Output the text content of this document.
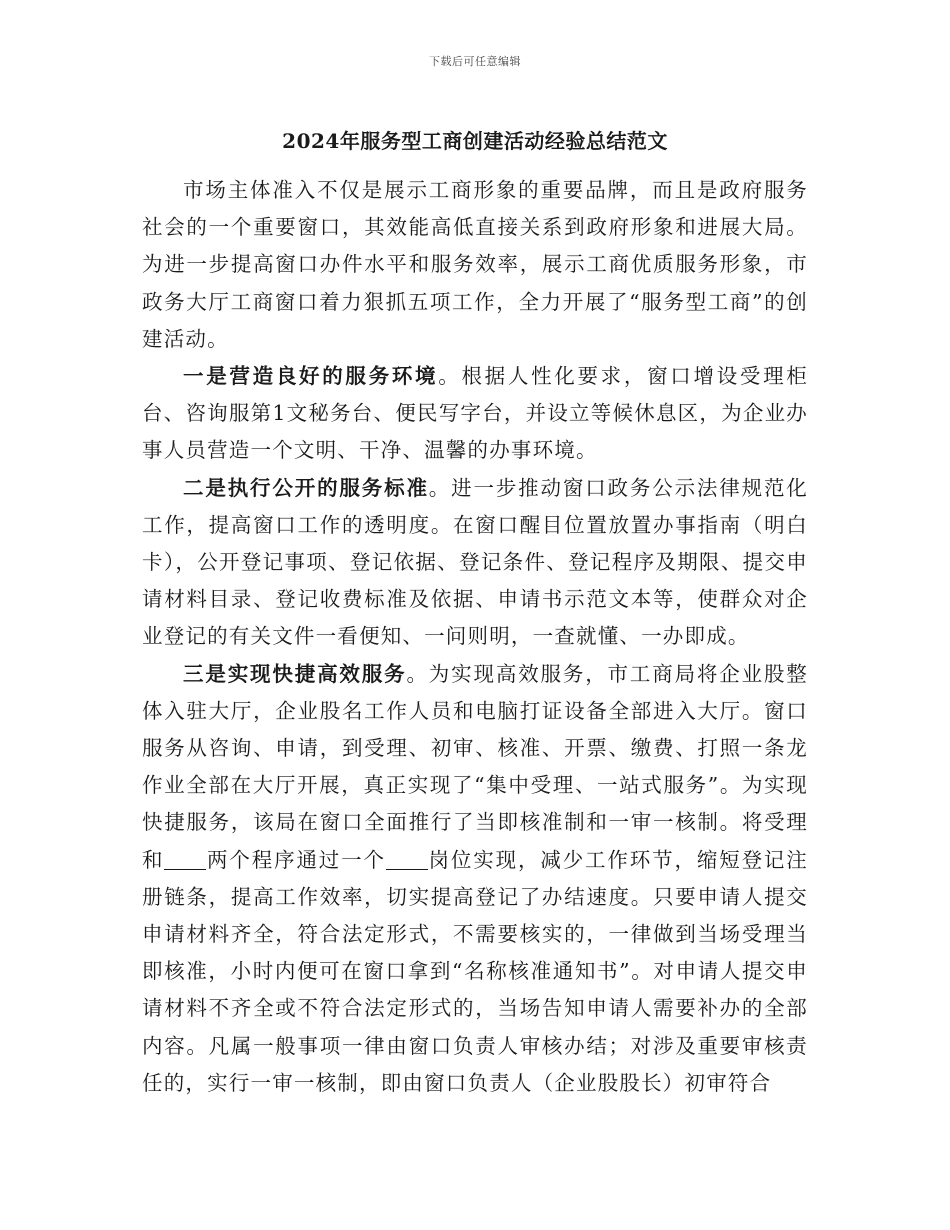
下载后可任意编辑
2024年服务型工商创建活动经验总结范文

市场主体准入不仅是展示工商形象的重要品牌，而且是政府服务社会的一个重要窗口，其效能高低直接关系到政府形象和进展大局。为进一步提高窗口办件水平和服务效率，展示工商优质服务形象，市政务大厅工商窗口着力狠抓五项工作，全力开展了“服务型工商”的创建活动。

一是营造良好的服务环境。根据人性化要求，窗口增设受理柜台、咨询服第1文秘务台、便民写字台，并设立等候休息区，为企业办事人员营造一个文明、干净、温馨的办事环境。

二是执行公开的服务标准。进一步推动窗口政务公示法律规范化工作，提高窗口工作的透明度。在窗口醒目位置放置办事指南（明白卡），公开登记事项、登记依据、登记条件、登记程序及期限、提交申请材料目录、登记收费标准及依据、申请书示范文本等，使群众对企业登记的有关文件一看便知、一问则明，一查就懂、一办即成。

三是实现快捷高效服务。为实现高效服务，市工商局将企业股整体入驻大厅，企业股名工作人员和电脑打证设备全部进入大厅。窗口服务从咨询、申请，到受理、初审、核准、开票、缴费、打照一条龙作业全部在大厅开展，真正实现了“集中受理、一站式服务”。为实现快捷服务，该局在窗口全面推行了当即核准制和一审一核制。将受理和 两个程序通过一个 岗位实现，减少工作环节，缩短登记注册链条，提高工作效率，切实提高登记了办结速度。只要申请人提交申请材料齐全，符合法定形式，不需要核实的，一律做到当场受理当即核准，小时内便可在窗口拿到“名称核准通知书”。对申请人提交申请材料不齐全或不符合法定形式的，当场告知申请人需要补办的全部内容。凡属一般事项一律由窗口负责人审核办结；对涉及重要审核责任的，实行一审一核制，即由窗口负责人（企业股股长）初审符合
